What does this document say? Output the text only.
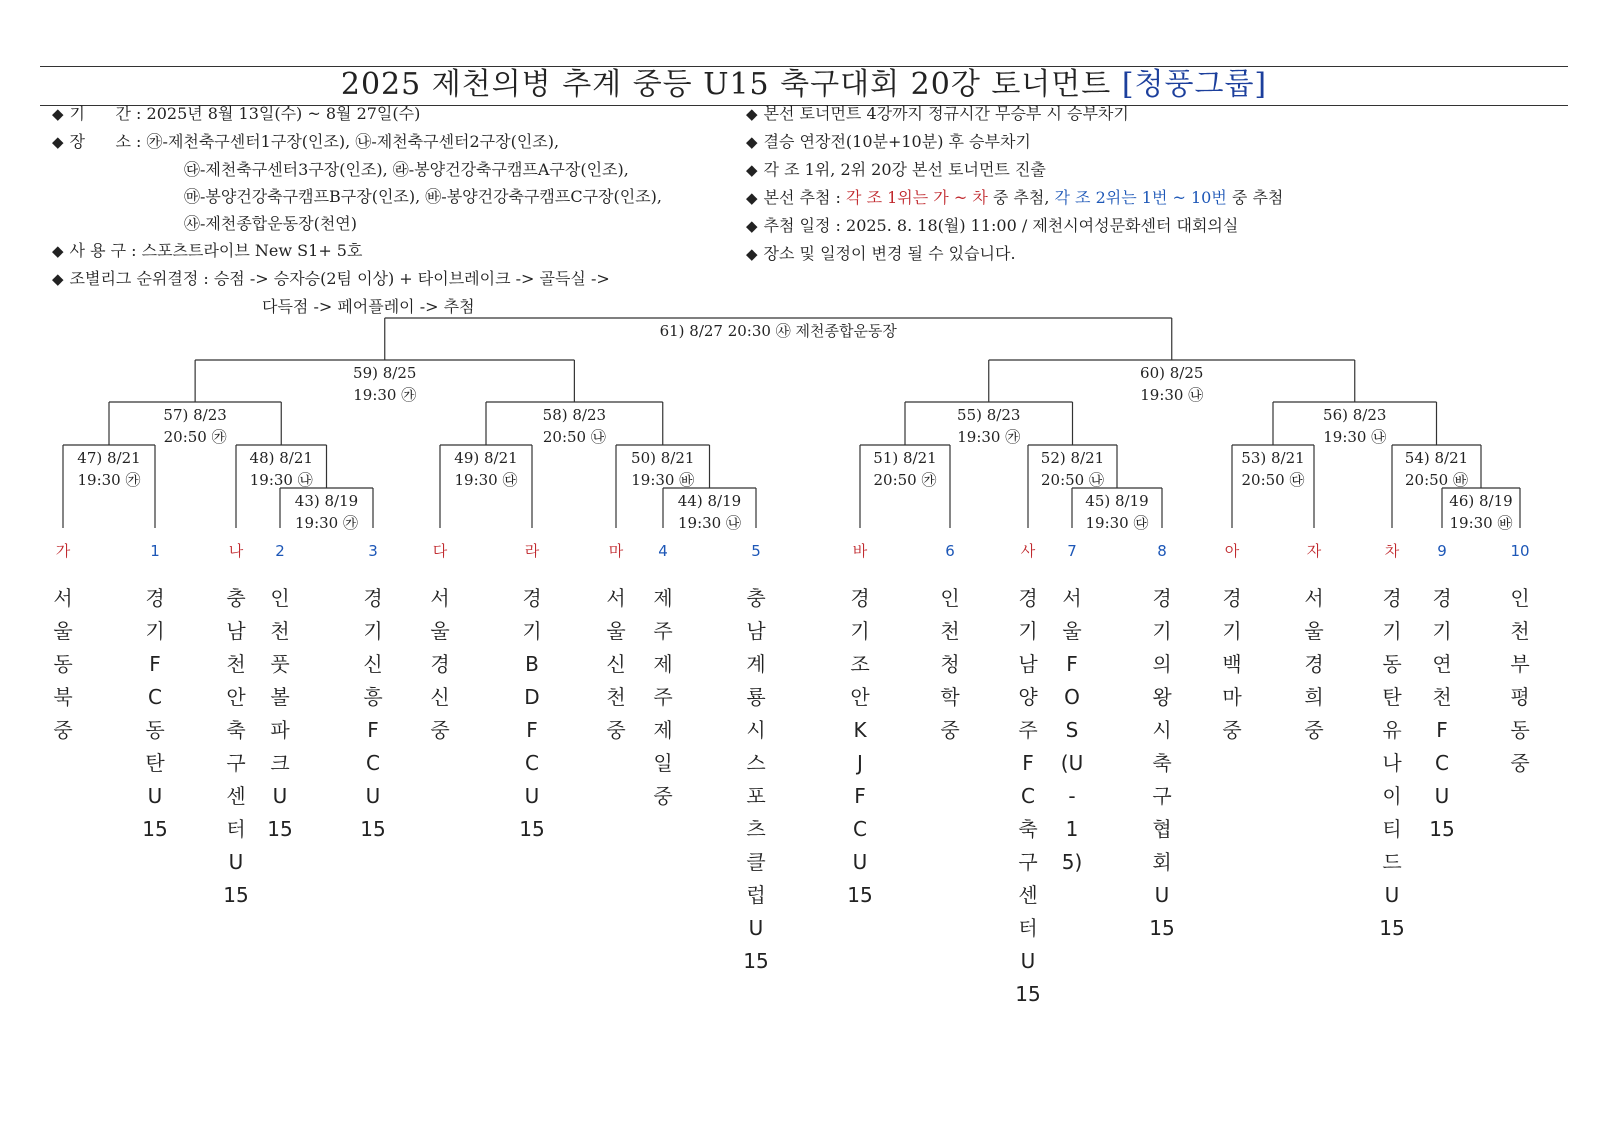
2025 제천의병 추계 중등 U15 축구대회 20강 토너먼트 [청풍그룹]
◆ 기      간 : 2025년 8월 13일(수) ~ 8월 27일(수)
◆ 장      소 : ㉮-제천축구센터1구장(인조), ㉯-제천축구센터2구장(인조),
㉰-제천축구센터3구장(인조), ㉱-봉양건강축구캠프A구장(인조),
㉲-봉양건강축구캠프B구장(인조), ㉳-봉양건강축구캠프C구장(인조),
㉴-제천종합운동장(천연)
◆ 사 용 구 : 스포츠트라이브 New S1+ 5호
◆ 조별리그 순위결정 : 승점 -> 승자승(2팀 이상) + 타이브레이크 -> 골득실 ->
다득점 -> 페어플레이 -> 추첨
◆ 본선 토너먼트 4강까지 정규시간 무승부 시 승부차기
◆ 결승 연장전(10분+10분) 후 승부차기
◆ 각 조 1위, 2위 20강 본선 토너먼트 진출
◆ 본선 추첨 : 각 조 1위는 가 ~ 차 중 추첨, 각 조 2위는 1번 ~ 10번 중 추첨
◆ 추첨 일정 : 2025. 8. 18(월) 11:00 / 제천시여성문화센터 대회의실
◆ 장소 및 일정이 변경 될 수 있습니다.
61) 8/27 20:30 ㉴ 제천종합운동장
59) 8/25
19:30 ㉮
60) 8/25
19:30 ㉯
57) 8/23
20:50 ㉮
58) 8/23
20:50 ㉯
55) 8/23
19:30 ㉮
56) 8/23
19:30 ㉯
47) 8/21
19:30 ㉮
48) 8/21
19:30 ㉯
49) 8/21
19:30 ㉰
50) 8/21
19:30 ㉳
51) 8/21
20:50 ㉮
52) 8/21
20:50 ㉯
53) 8/21
20:50 ㉰
54) 8/21
20:50 ㉳
43) 8/19
19:30 ㉮
44) 8/19
19:30 ㉯
45) 8/19
19:30 ㉰
46) 8/19
19:30 ㉳
가	1	나 2	3	다	라	마 4	5	바	6	사 7	8	아	자	차	9	10
서
울
동
북
중
경
기
F
C
동
탄
U
15
충
남
천
안
축
구
센
터
U
15
인
천
풋
볼
파
크
U
15
경
기
신
흥
F
C
U
15
서
울
경
신
중
경
기
B
D
F
C
U
15
서
울
신
천
중
제
주
제
주
제
일
중
충
남
계
룡
시
스
포
츠
클
럽
U
15
경
기
조
안
K
J
F
C
U
15
인
천
청
학
중
경
기
남
양
주
F
C
축
구
센
터
U
15
서
울
F
O
S
(U
-
15)
경
기
의
왕
시
축
구
협
회
U
15
경
기
백
마
중
서
울
경
희
중
경
기
동
탄
유
나
이
티
드
U
15
경
기
연
천
F
C
U
15
인
천
부
평
동
중
